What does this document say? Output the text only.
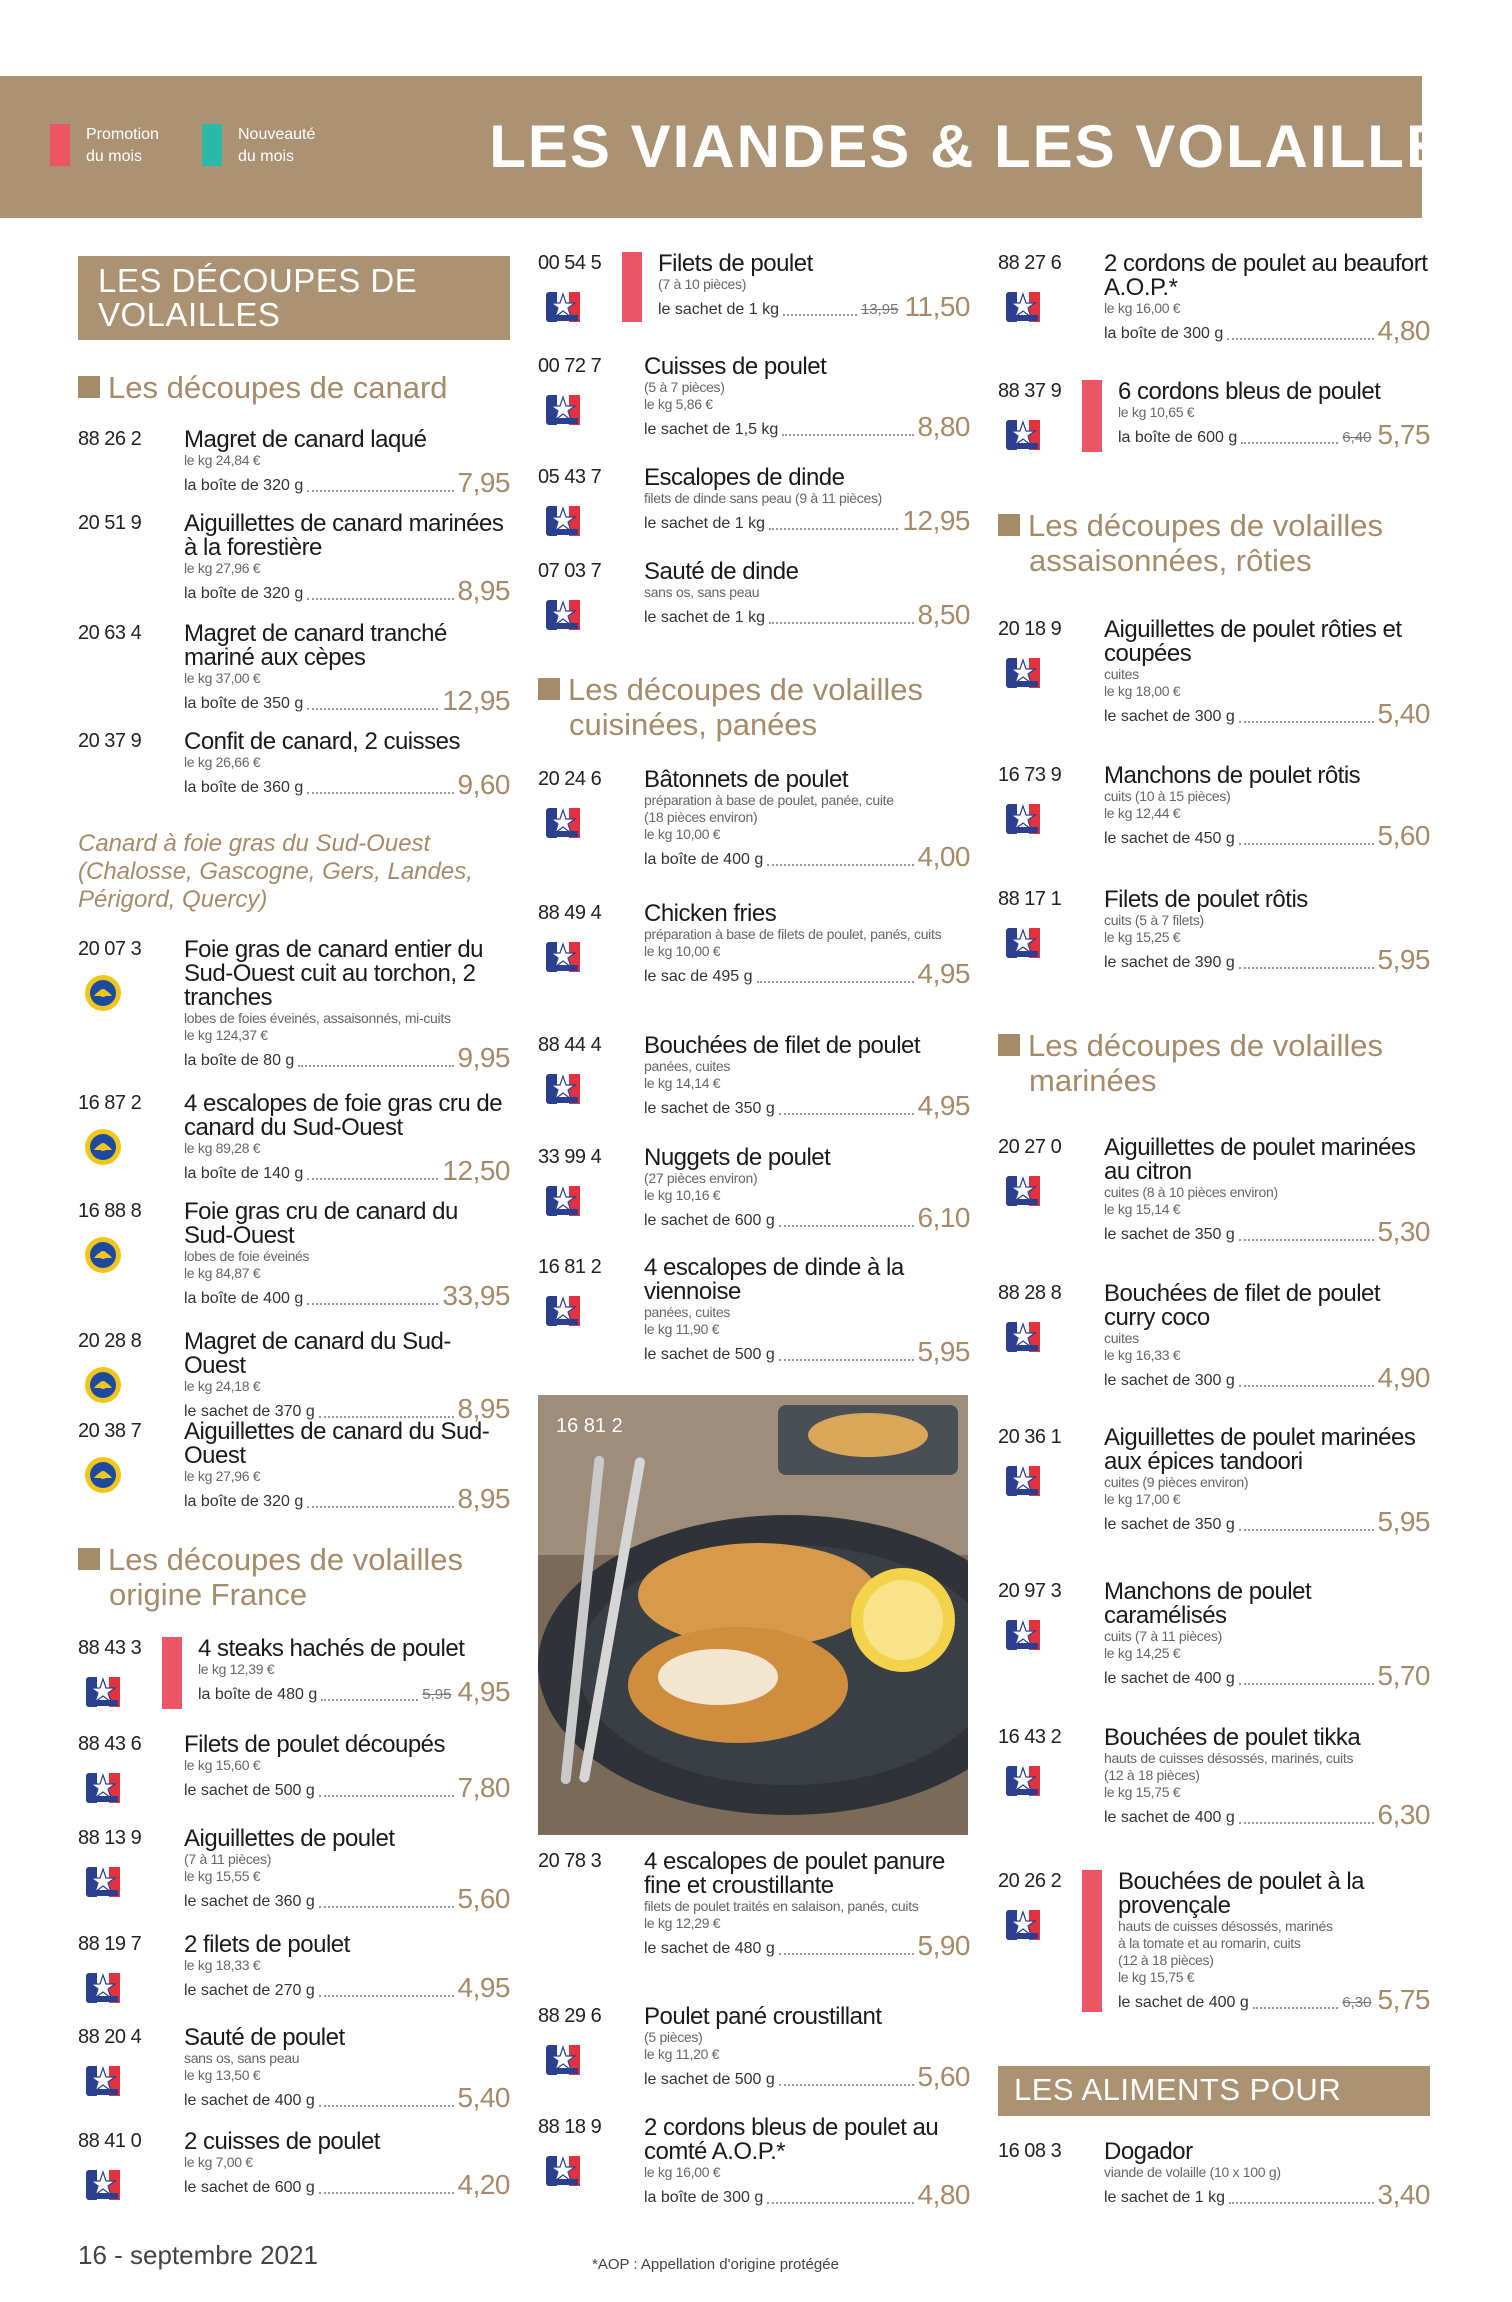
Promotion du mois
Nouveauté du mois	LES VIANDES & LES VOLAILLES
LES DÉCOUPES DE VOLAILLES
Les découpes de canard
Canard à foie gras du Sud-Ouest (Chalosse, Gascogne, Gers, Landes, Périgord, Quercy)
Les découpes de volailles
origine France
88 26 2 Magret de canard laqué
le kg 24,84 €
la boîte de 320 g	7,95
20 51 9 Aiguillettes de canard marinées à la forestière
le kg 27,96 €
la boîte de 320 g	8,95
20 63 4 Magret de canard tranché mariné aux cèpes
le kg 37,00 €
la boîte de 350 g	12,95
20 37 9 Confit de canard, 2 cuisses
le kg 26,66 €
la boîte de 360 g	9,60
20 07 3 Foie gras de canard entier du Sud-Ouest cuit au torchon, 2 tranches
lobes de foies éveinés, assaisonnés, mi-cuits
le kg 124,37 €
la boîte de 80 g	9,95
16 87 2 4 escalopes de foie gras cru de canard du Sud-Ouest
le kg 89,28 €
la boîte de 140 g	12,50
16 88 8 Foie gras cru de canard du Sud-Ouest
lobes de foie éveinés
le kg 84,87 €
la boîte de 400 g	33,95
20 28 8 Magret de canard du Sud-Ouest
le kg 24,18 €
le sachet de 370 g	8,95
20 38 7 Aiguillettes de canard du Sud-Ouest
le kg 27,96 €
la boîte de 320 g	8,95
88 43 3 4 steaks hachés de poulet
le kg 12,39 €
la boîte de 480 g	5,95 4,95
88 43 6 Filets de poulet découpés
le kg 15,60 €
le sachet de 500 g	7,80
88 13 9 Aiguillettes de poulet
(7 à 11 pièces)
le kg 15,55 €
le sachet de 360 g	5,60
88 19 7 2 filets de poulet
le kg 18,33 €
le sachet de 270 g	4,95
88 20 4 Sauté de poulet
sans os, sans peau
le kg 13,50 €
le sachet de 400 g	5,40
88 41 0 2 cuisses de poulet
le kg 7,00 €
le sachet de 600 g	4,20
Les découpes de volailles
cuisinées, panées
16 81 2
00 54 5 Filets de poulet
(7 à 10 pièces)
le sachet de 1 kg	13,95 11,50
00 72 7 Cuisses de poulet
(5 à 7 pièces)
le kg 5,86 €
le sachet de 1,5 kg	8,80
05 43 7 Escalopes de dinde
filets de dinde sans peau (9 à 11 pièces)
le sachet de 1 kg	12,95
07 03 7 Sauté de dinde
sans os, sans peau
le sachet de 1 kg	8,50
20 24 6 Bâtonnets de poulet
préparation à base de poulet, panée, cuite
(18 pièces environ)
le kg 10,00 €
la boîte de 400 g	4,00
88 49 4 Chicken fries
préparation à base de filets de poulet, panés, cuits
le kg 10,00 €
le sac de 495 g	4,95
88 44 4 Bouchées de filet de poulet
panées, cuites
le kg 14,14 €
le sachet de 350 g	4,95
33 99 4 Nuggets de poulet
(27 pièces environ)
le kg 10,16 €
le sachet de 600 g	6,10
16 81 2 4 escalopes de dinde à la viennoise
panées, cuites
le kg 11,90 €
le sachet de 500 g	5,95
20 78 3 4 escalopes de poulet panure fine et croustillante
filets de poulet traités en salaison, panés, cuits
le kg 12,29 €
le sachet de 480 g	5,90
88 29 6 Poulet pané croustillant
(5 pièces)
le kg 11,20 €
le sachet de 500 g	5,60
88 18 9 2 cordons bleus de poulet au comté A.O.P.*
le kg 16,00 €
la boîte de 300 g	4,80
Les découpes de volailles
assaisonnées, rôties
Les découpes de volailles
marinées
LES ALIMENTS POUR CHIENS
88 27 6 2 cordons de poulet au beaufort A.O.P.*
le kg 16,00 €
la boîte de 300 g	4,80
88 37 9 6 cordons bleus de poulet
le kg 10,65 €
la boîte de 600 g	6,40 5,75
20 18 9 Aiguillettes de poulet rôties et coupées
cuites
le kg 18,00 €
le sachet de 300 g	5,40
16 73 9 Manchons de poulet rôtis
cuits (10 à 15 pièces)
le kg 12,44 €
le sachet de 450 g	5,60
88 17 1 Filets de poulet rôtis
cuits (5 à 7 filets)
le kg 15,25 €
le sachet de 390 g	5,95
20 27 0 Aiguillettes de poulet marinées au citron
cuites (8 à 10 pièces environ)
le kg 15,14 €
le sachet de 350 g	5,30
88 28 8 Bouchées de filet de poulet curry coco
cuites
le kg 16,33 €
le sachet de 300 g	4,90
20 36 1 Aiguillettes de poulet marinées aux épices tandoori
cuites (9 pièces environ)
le kg 17,00 €
le sachet de 350 g	5,95
20 97 3 Manchons de poulet caramélisés
cuits (7 à 11 pièces)
le kg 14,25 €
le sachet de 400 g	5,70
16 43 2 Bouchées de poulet tikka
hauts de cuisses désossés, marinés, cuits
(12 à 18 pièces)
le kg 15,75 €
le sachet de 400 g	6,30
20 26 2 Bouchées de poulet à la provençale
hauts de cuisses désossés, marinés
à la tomate et au romarin, cuits
(12 à 18 pièces)
le kg 15,75 €
le sachet de 400 g	6,30 5,75
16 08 3 Dogador
viande de volaille (10 x 100 g)
le sachet de 1 kg	3,40
16 - septembre 2021	*AOP : Appellation d'origine protégée
